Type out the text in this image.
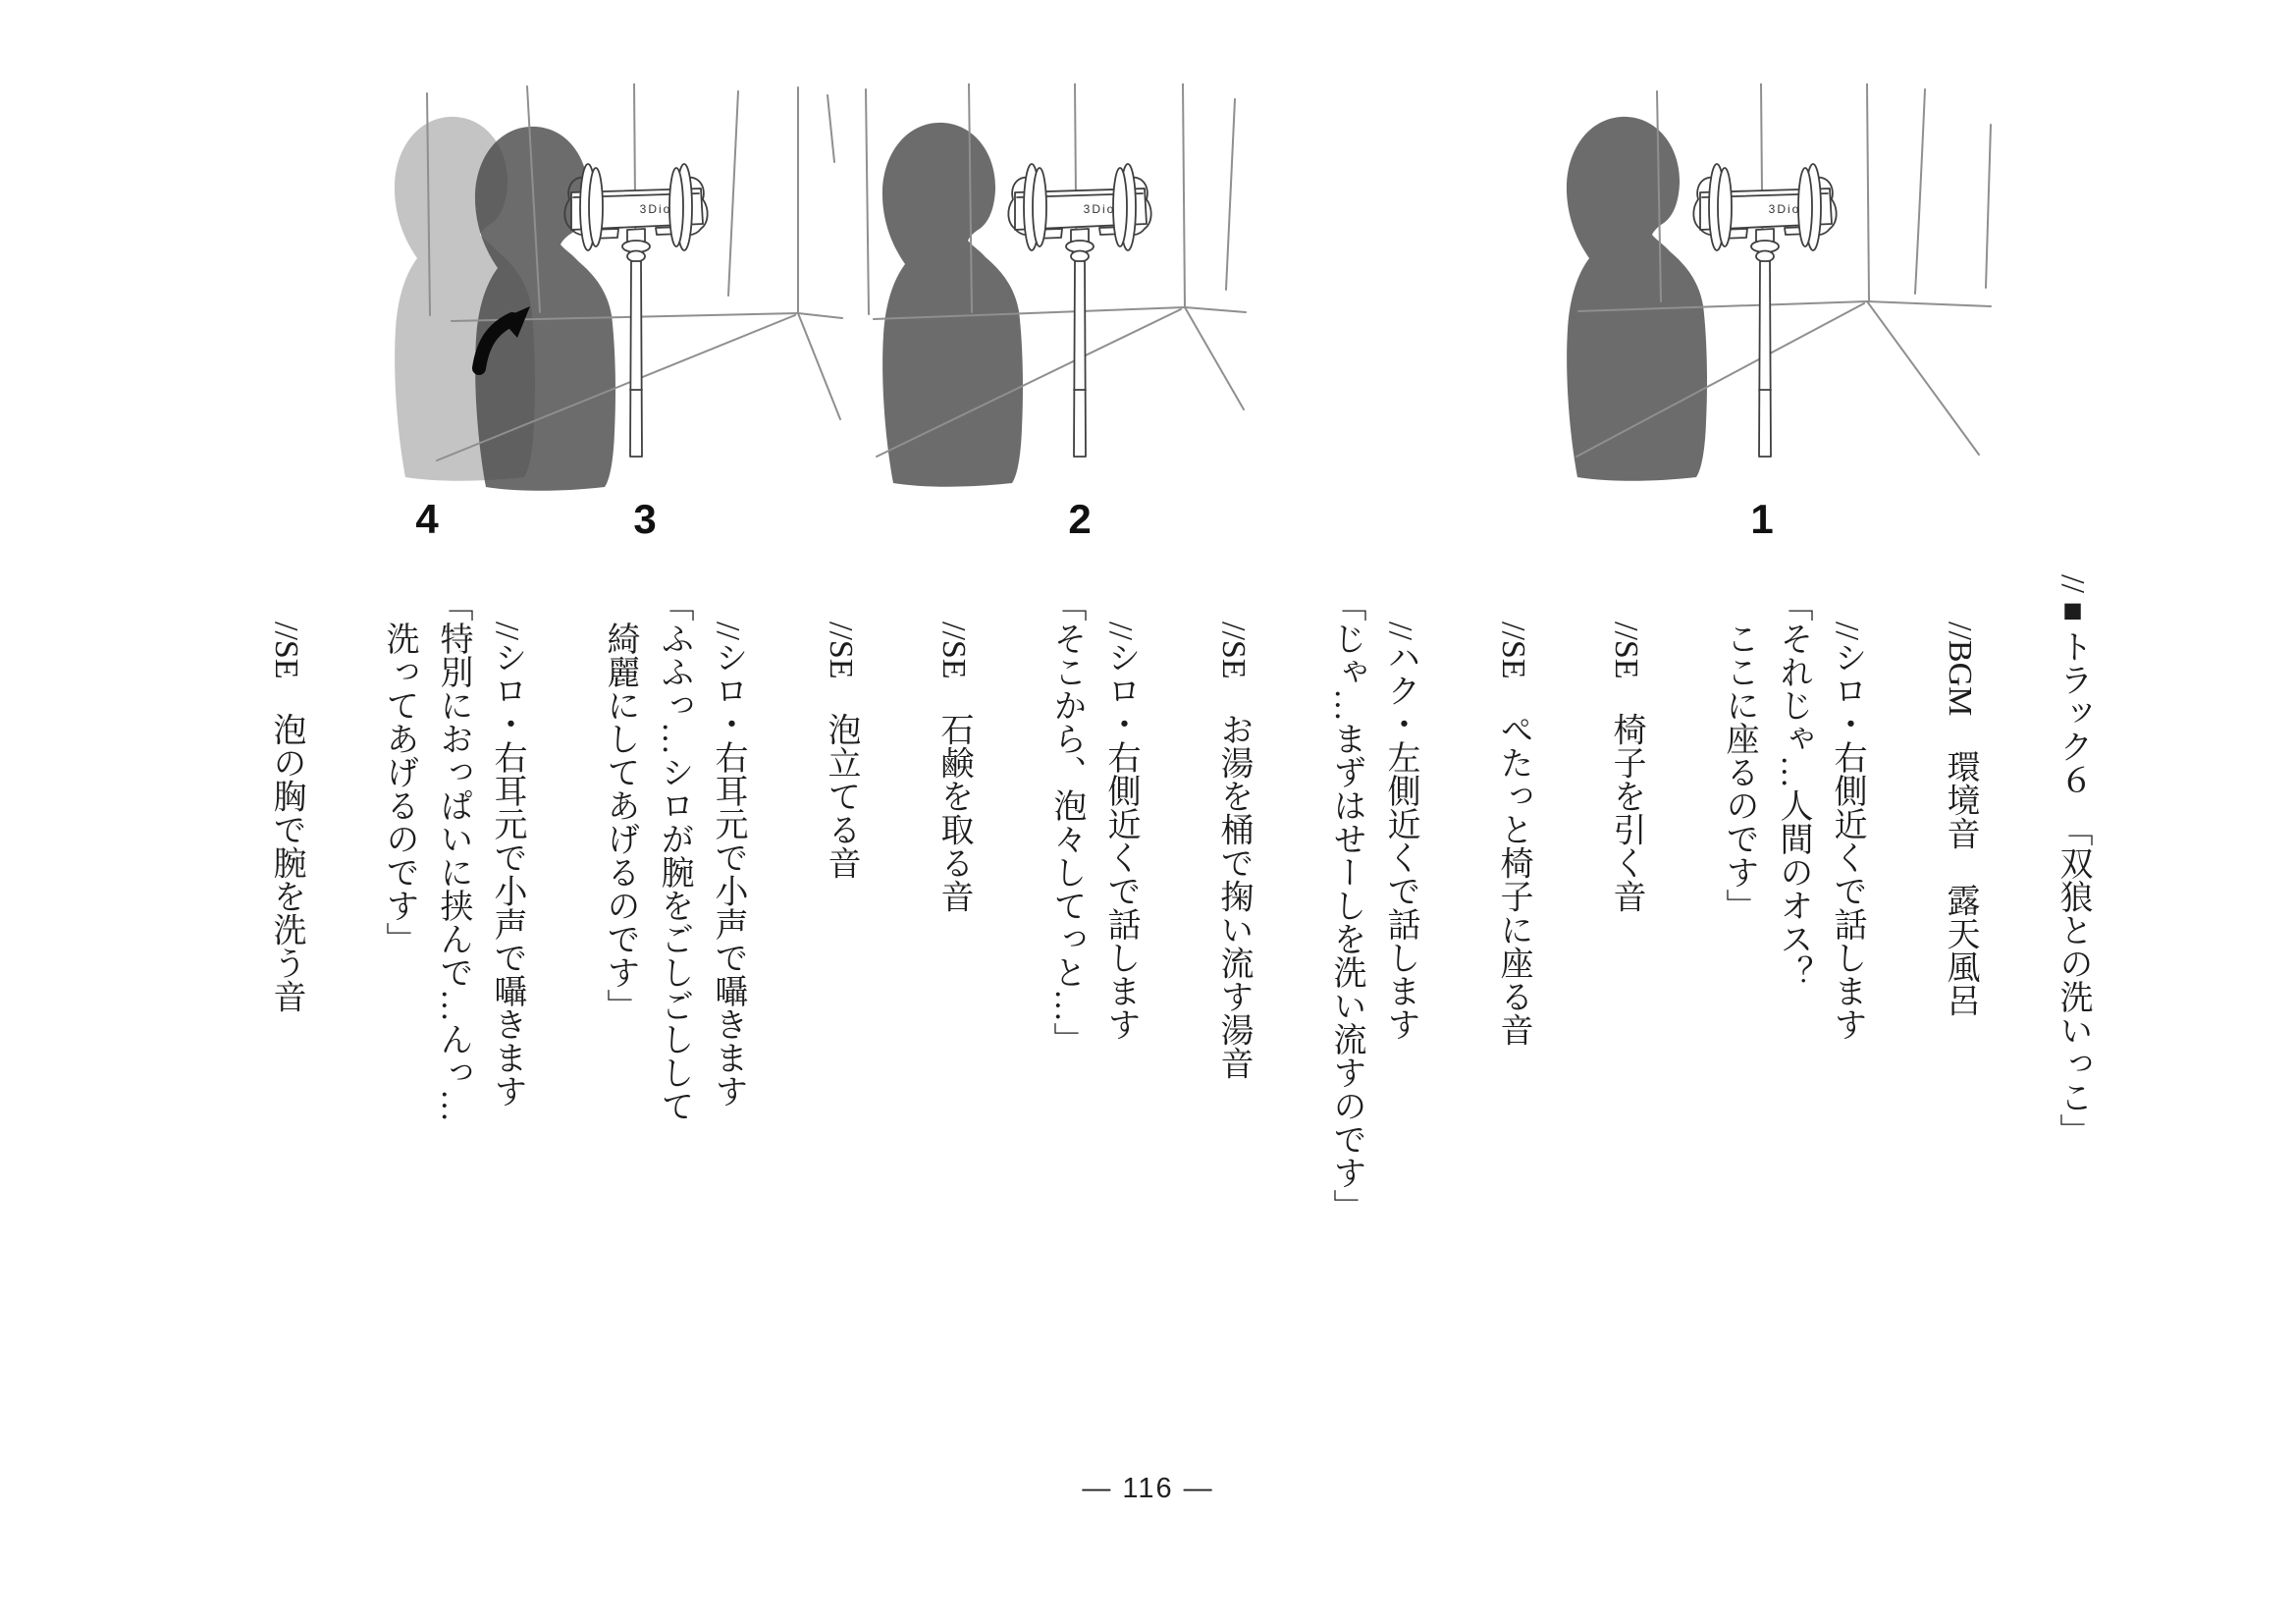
4	3	2	1
//■トラック６　「双狼との洗いっこ」
//BGM　環境音　露天風呂
//シロ・右側近くで話します
「それじゃ…人間のオス？
ここに座るのです」
//SE　椅子を引く音
//SE　ぺたっと椅子に座る音
//ハク・左側近くで話します
「じゃ…まずはせーしを洗い流すのです」
//SE　お湯を桶で掬い流す湯音
//シロ・右側近くで話します
「そこから、泡々してっと…」
//SE　石鹸を取る音
//SE　泡立てる音
//シロ・右耳元で小声で囁きます
「ふふっ…シロが腕をごしごしして
綺麗にしてあげるのです」
//シロ・右耳元で小声で囁きます
「特別におっぱいに挟んで…んっ…
洗ってあげるのです」
//SE　泡の胸で腕を洗う音
— 116 —
